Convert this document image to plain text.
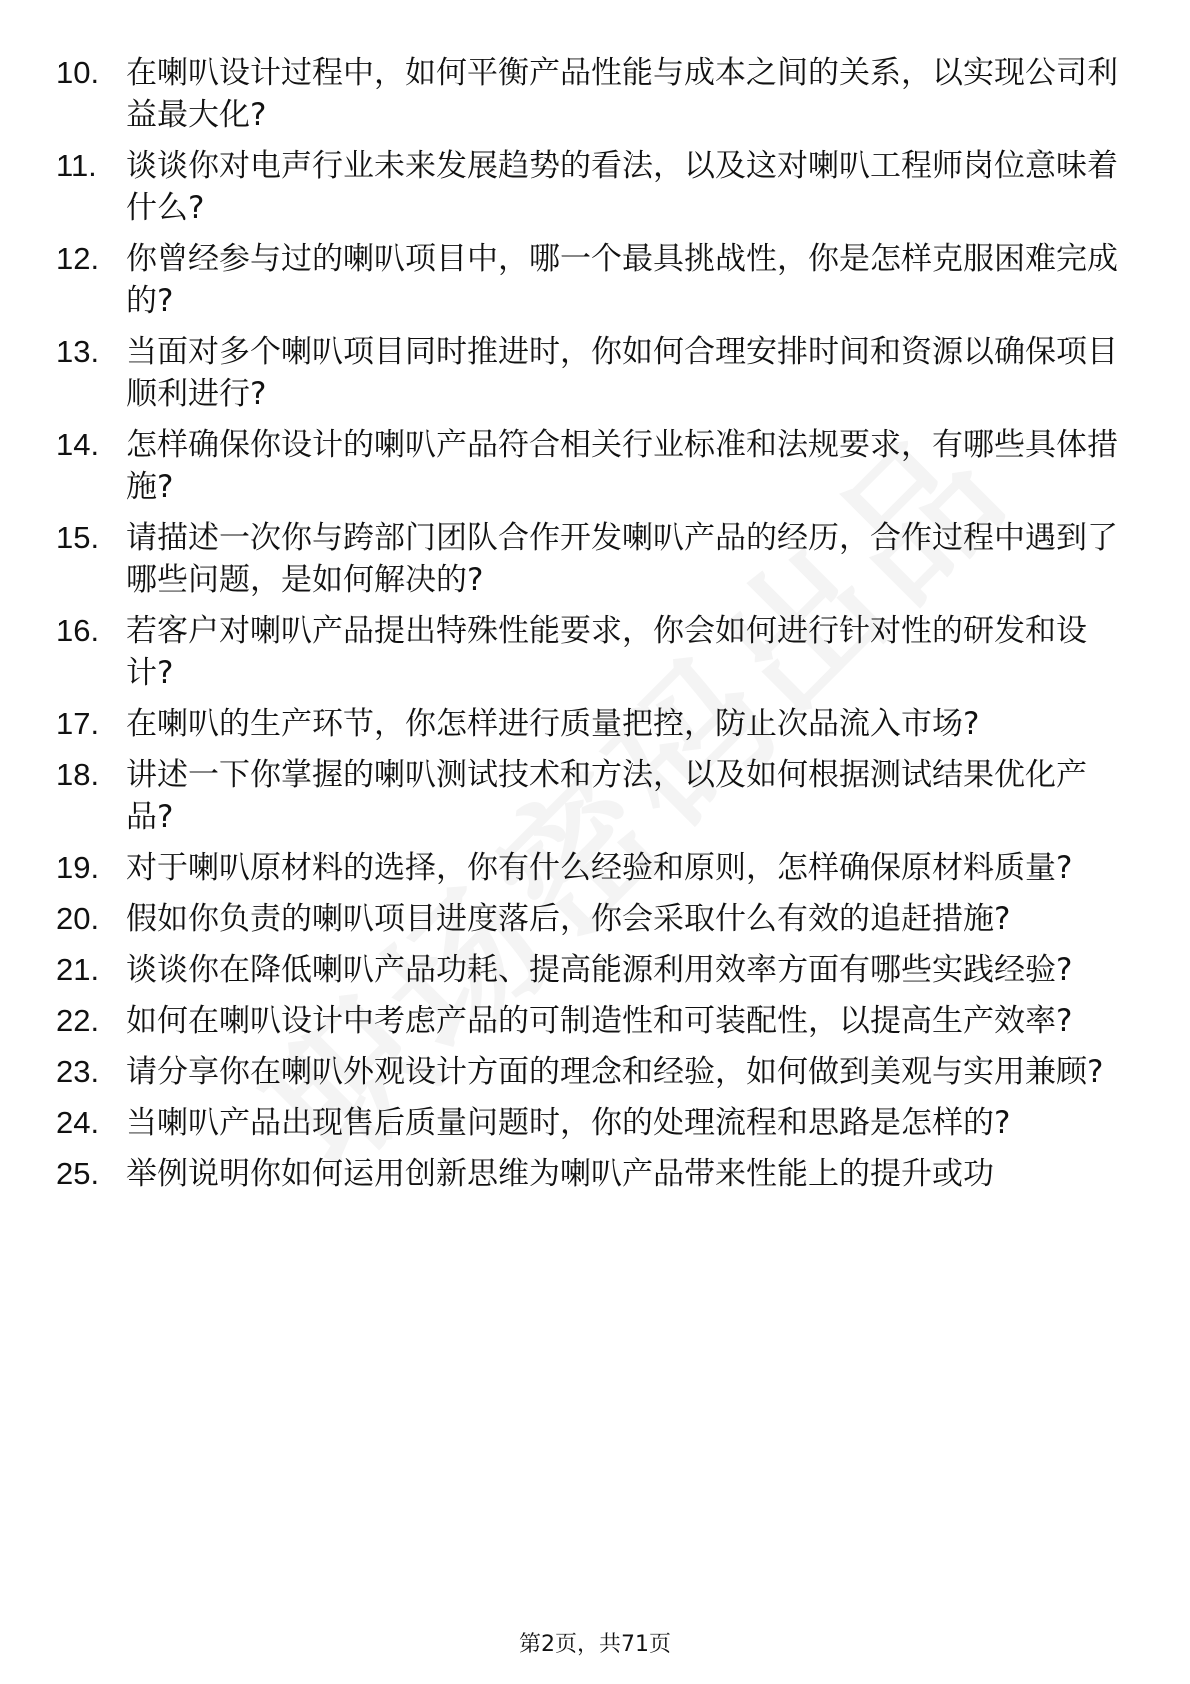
10. 在喇叭设计过程中，如何平衡产品性能与成本之间的关系，以实现公司利益最大化?
11. 谈谈你对电声行业未来发展趋势的看法，以及这对喇叭工程师岗位意味着什么?
12. 你曾经参与过的喇叭项目中，哪一个最具挑战性，你是怎样克服困难完成的?
13. 当面对多个喇叭项目同时推进时，你如何合理安排时间和资源以确保项目顺利进行?
14. 怎样确保你设计的喇叭产品符合相关行业标准和法规要求，有哪些具体措施?
15. 请描述一次你与跨部门团队合作开发喇叭产品的经历，合作过程中遇到了哪些问题，是如何解决的?
16. 若客户对喇叭产品提出特殊性能要求，你会如何进行针对性的研发和设计?
17. 在喇叭的生产环节，你怎样进行质量把控，防止次品流入市场?
18. 讲述一下你掌握的喇叭测试技术和方法，以及如何根据测试结果优化产品?
19. 对于喇叭原材料的选择，你有什么经验和原则，怎样确保原材料质量?
20. 假如你负责的喇叭项目进度落后，你会采取什么有效的追赶措施?
21. 谈谈你在降低喇叭产品功耗、提高能源利用效率方面有哪些实践经验?
22. 如何在喇叭设计中考虑产品的可制造性和可装配性，以提高生产效率?
23. 请分享你在喇叭外观设计方面的理念和经验，如何做到美观与实用兼顾?
24. 当喇叭产品出现售后质量问题时，你的处理流程和思路是怎样的?
25. 举例说明你如何运用创新思维为喇叭产品带来性能上的提升或功
第2页，共71页
